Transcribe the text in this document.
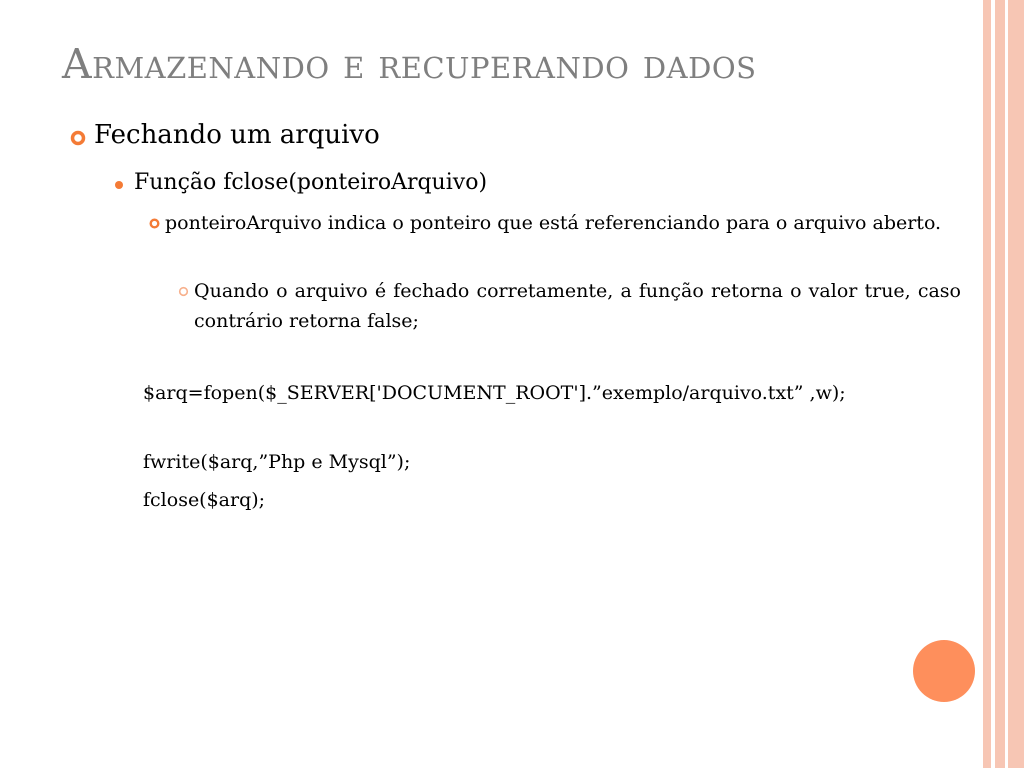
Armazenando e recuperando dados
Fechando um arquivo
Função fclose(ponteiroArquivo)
ponteiroArquivo indica o ponteiro que está referenciando para o arquivo aberto.
Quando o arquivo é fechado corretamente, a função retorna o valor true, caso contrário retorna false;
$arq=fopen($_SERVER['DOCUMENT_ROOT'].”exemplo/arquivo.txt” ,w);
fwrite($arq,”Php e Mysql”);
fclose($arq);
